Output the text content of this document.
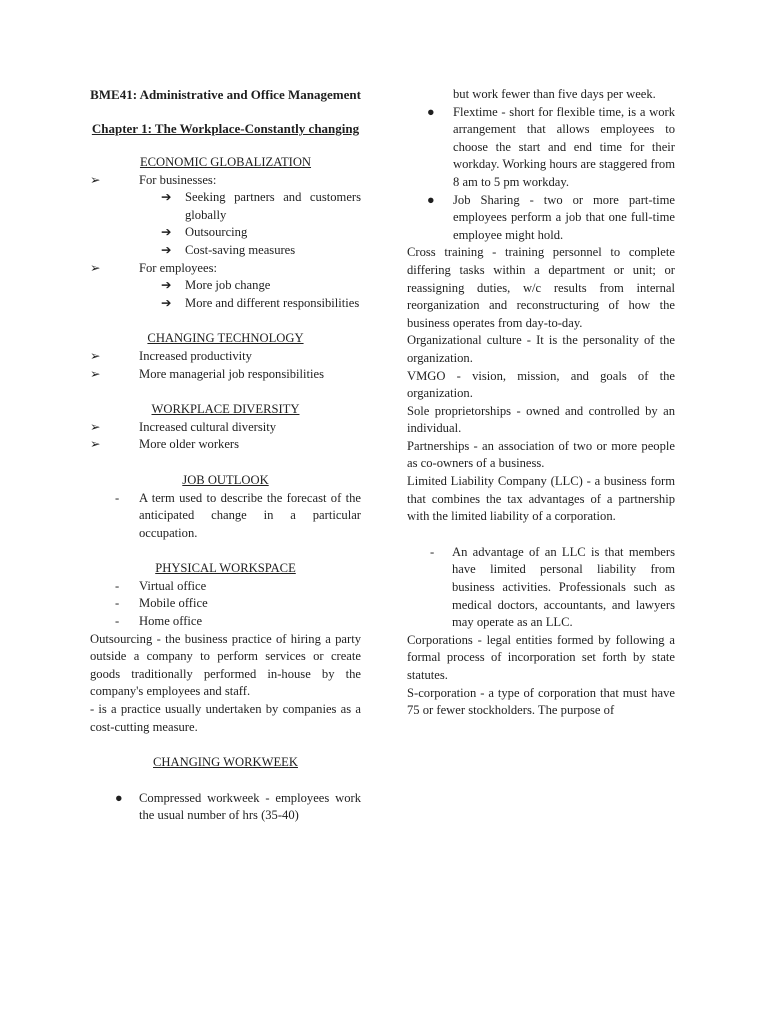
BME41: Administrative and Office Management

Chapter 1: The Workplace-Constantly changing

ECONOMIC GLOBALIZATION

➢	For businesses:
➔	Seeking partners and customers globally
➔	Outsourcing
➔	Cost-saving measures
➢	For employees:
➔	More job change
➔	More and different responsibilities

CHANGING TECHNOLOGY

➢	Increased productivity
➢	More managerial job responsibilities

WORKPLACE DIVERSITY

➢	Increased cultural diversity
➢	More older workers

JOB OUTLOOK

-	A term used to describe the forecast of the anticipated change in a particular occupation.

PHYSICAL WORKSPACE

-	Virtual office
-	Mobile office
-	Home office

Outsourcing - the business practice of hiring a party outside a company to perform services or create goods traditionally performed in-house by the company's employees and staff.

- is a practice usually undertaken by companies as a cost-cutting measure.

CHANGING WORKWEEK

●	Compressed workweek - employees work the usual number of hrs (35-40)
but work fewer than five days per week.
●	Flextime - short for flexible time, is a work arrangement that allows employees to choose the start and end time for their workday. Working hours are staggered from 8 am to 5 pm workday.
●	Job Sharing - two or more part-time employees perform a job that one full-time employee might hold.

Cross training - training personnel to complete differing tasks within a department or unit; or reassigning duties, w/c results from internal reorganization and reconstructuring of how the business operates from day-to-day.

Organizational culture - It is the personality of the organization.

VMGO - vision, mission, and goals of the organization.

Sole proprietorships - owned and controlled by an individual.

Partnerships - an association of two or more people as co-owners of a business.

Limited Liability Company (LLC) - a business form that combines the tax advantages of a partnership with the limited liability of a corporation.

-	An advantage of an LLC is that members have limited personal liability from business activities. Professionals such as medical doctors, accountants, and lawyers may operate as an LLC.

Corporations - legal entities formed by following a formal process of incorporation set forth by state statutes.

S-corporation - a type of corporation that must have 75 or fewer stockholders. The purpose of
